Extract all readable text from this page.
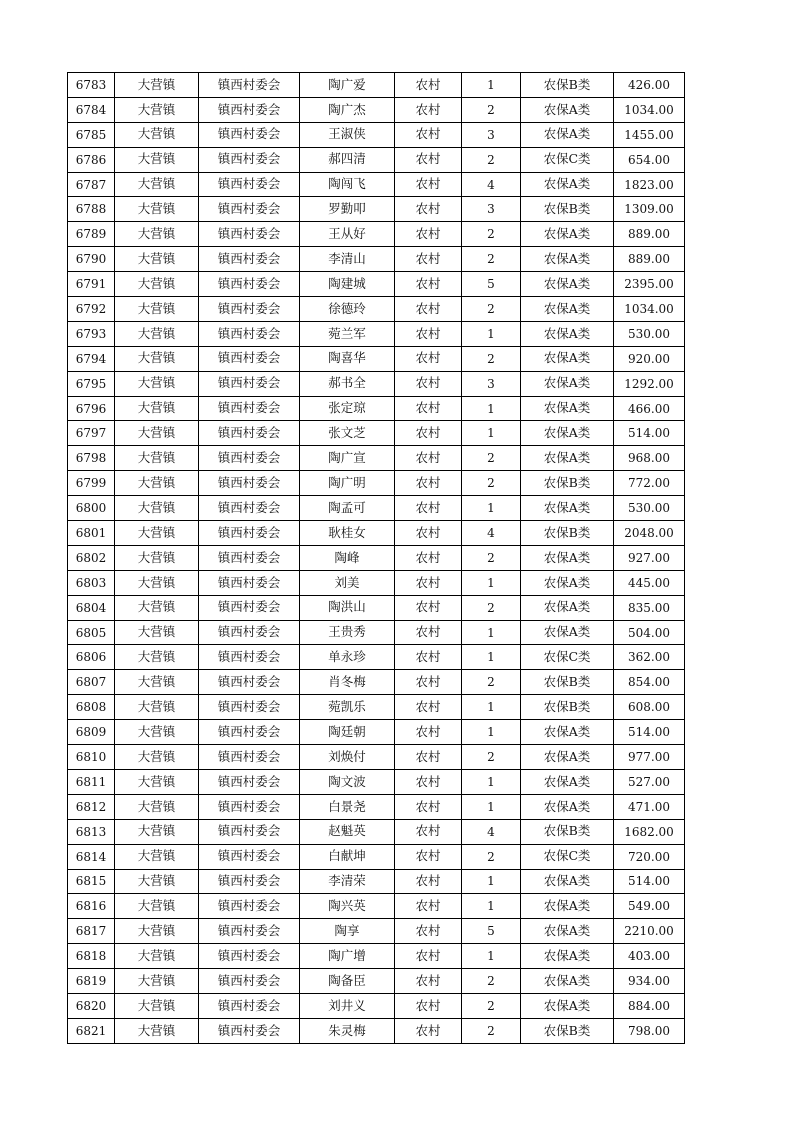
6783	大营镇	镇西村委会	陶广爱	农村	1	农保B类	426.00
6784	大营镇	镇西村委会	陶广杰	农村	2	农保A类	1034.00
6785	大营镇	镇西村委会	王淑侠	农村	3	农保A类	1455.00
6786	大营镇	镇西村委会	郝四清	农村	2	农保C类	654.00
6787	大营镇	镇西村委会	陶闯飞	农村	4	农保A类	1823.00
6788	大营镇	镇西村委会	罗勤叩	农村	3	农保B类	1309.00
6789	大营镇	镇西村委会	王从好	农村	2	农保A类	889.00
6790	大营镇	镇西村委会	李清山	农村	2	农保A类	889.00
6791	大营镇	镇西村委会	陶建城	农村	5	农保A类	2395.00
6792	大营镇	镇西村委会	徐德玲	农村	2	农保A类	1034.00
6793	大营镇	镇西村委会	菀兰军	农村	1	农保A类	530.00
6794	大营镇	镇西村委会	陶喜华	农村	2	农保A类	920.00
6795	大营镇	镇西村委会	郝书全	农村	3	农保A类	1292.00
6796	大营镇	镇西村委会	张定琼	农村	1	农保A类	466.00
6797	大营镇	镇西村委会	张文芝	农村	1	农保A类	514.00
6798	大营镇	镇西村委会	陶广宣	农村	2	农保A类	968.00
6799	大营镇	镇西村委会	陶广明	农村	2	农保B类	772.00
6800	大营镇	镇西村委会	陶孟可	农村	1	农保A类	530.00
6801	大营镇	镇西村委会	耿桂女	农村	4	农保B类	2048.00
6802	大营镇	镇西村委会	陶峰	农村	2	农保A类	927.00
6803	大营镇	镇西村委会	刘美	农村	1	农保A类	445.00
6804	大营镇	镇西村委会	陶洪山	农村	2	农保A类	835.00
6805	大营镇	镇西村委会	王贵秀	农村	1	农保A类	504.00
6806	大营镇	镇西村委会	单永珍	农村	1	农保C类	362.00
6807	大营镇	镇西村委会	肖冬梅	农村	2	农保B类	854.00
6808	大营镇	镇西村委会	菀凯乐	农村	1	农保B类	608.00
6809	大营镇	镇西村委会	陶廷朝	农村	1	农保A类	514.00
6810	大营镇	镇西村委会	刘焕付	农村	2	农保A类	977.00
6811	大营镇	镇西村委会	陶文波	农村	1	农保A类	527.00
6812	大营镇	镇西村委会	白景尧	农村	1	农保A类	471.00
6813	大营镇	镇西村委会	赵魁英	农村	4	农保B类	1682.00
6814	大营镇	镇西村委会	白献坤	农村	2	农保C类	720.00
6815	大营镇	镇西村委会	李清荣	农村	1	农保A类	514.00
6816	大营镇	镇西村委会	陶兴英	农村	1	农保A类	549.00
6817	大营镇	镇西村委会	陶享	农村	5	农保A类	2210.00
6818	大营镇	镇西村委会	陶广增	农村	1	农保A类	403.00
6819	大营镇	镇西村委会	陶备臣	农村	2	农保A类	934.00
6820	大营镇	镇西村委会	刘井义	农村	2	农保A类	884.00
6821	大营镇	镇西村委会	朱灵梅	农村	2	农保B类	798.00
